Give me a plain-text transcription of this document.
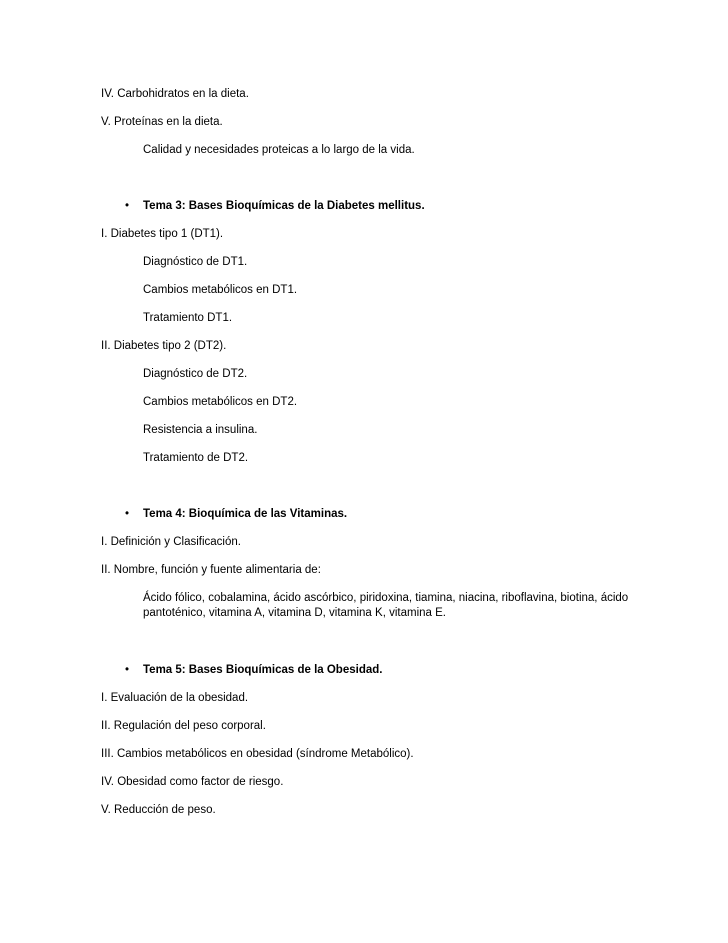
IV. Carbohidratos en la dieta.
V. Proteínas en la dieta.
Calidad y necesidades proteicas a lo largo de la vida.
• Tema 3: Bases Bioquímicas de la Diabetes mellitus.
I. Diabetes tipo 1 (DT1).
Diagnóstico de DT1.
Cambios metabólicos en DT1.
Tratamiento DT1.
II. Diabetes tipo 2 (DT2).
Diagnóstico de DT2.
Cambios metabólicos en DT2.
Resistencia a insulina.
Tratamiento de DT2.
• Tema 4: Bioquímica de las Vitaminas.
I. Definición y Clasificación.
II. Nombre, función y fuente alimentaria de:
Ácido fólico, cobalamina, ácido ascórbico, piridoxina, tiamina, niacina, riboflavina, biotina, ácido pantoténico, vitamina A, vitamina D, vitamina K, vitamina E.
• Tema 5: Bases Bioquímicas de la Obesidad.
I. Evaluación de la obesidad.
II. Regulación del peso corporal.
III. Cambios metabólicos en obesidad (síndrome Metabólico).
IV. Obesidad como factor de riesgo.
V. Reducción de peso.
